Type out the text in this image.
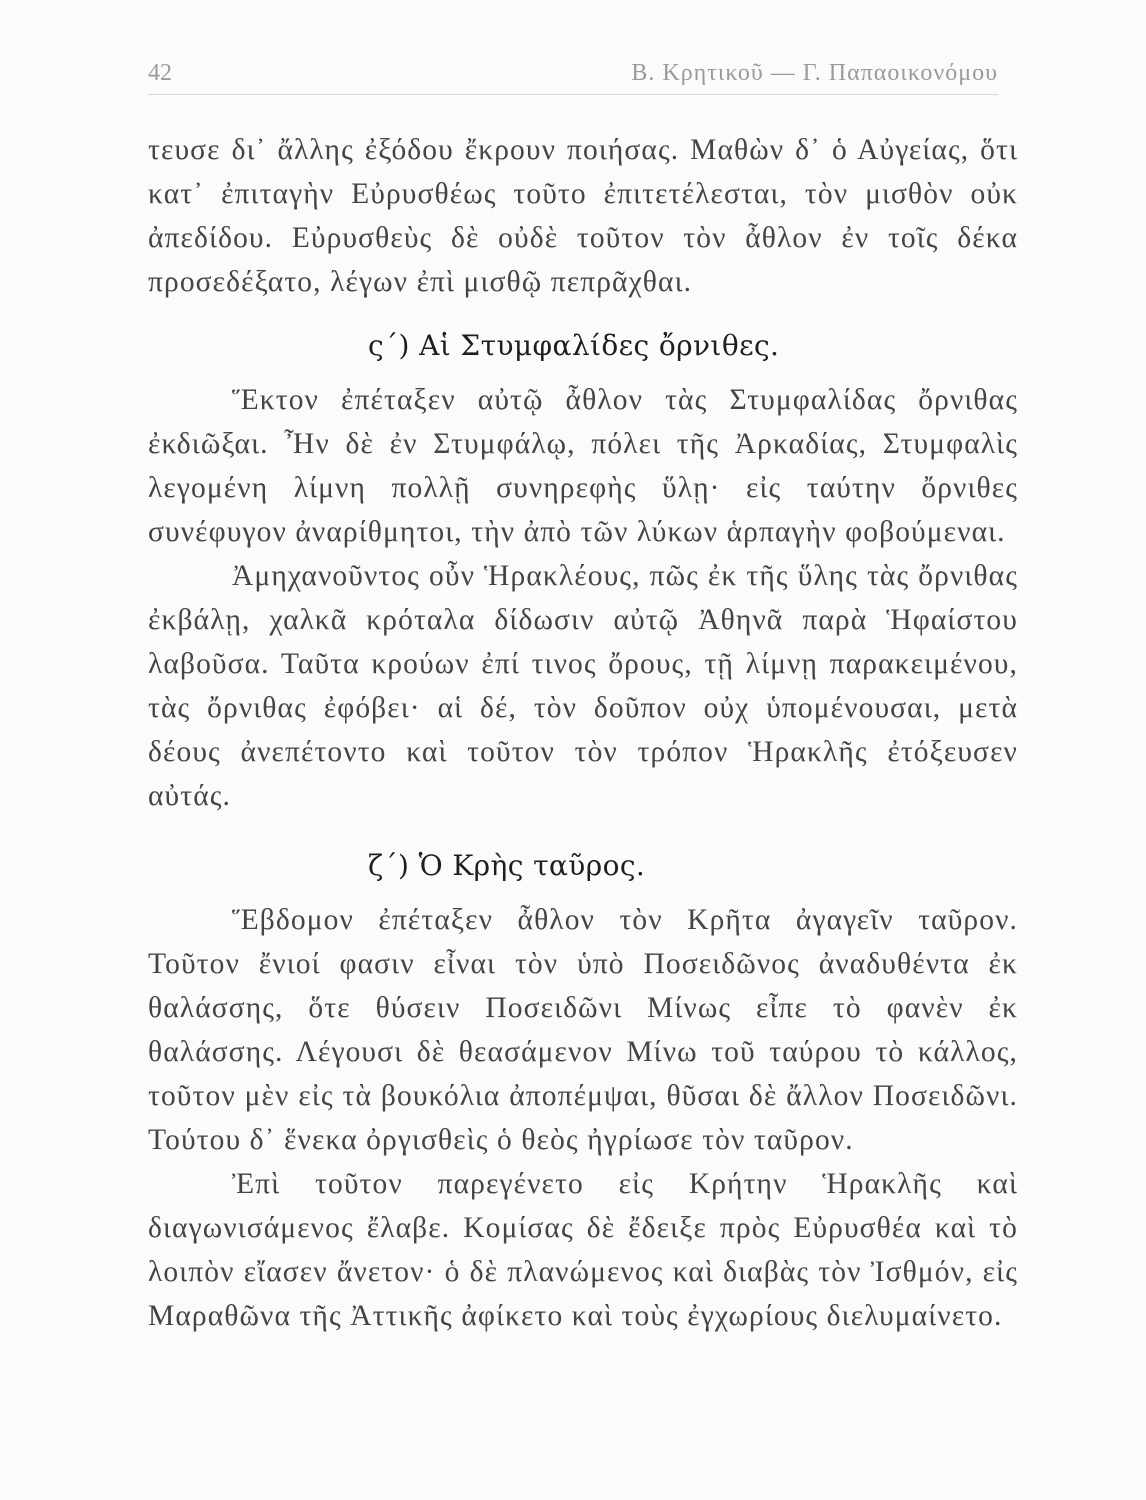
42	Β. Κρητικοῦ — Γ. Παπαοικονόμου

τευσε δι᾽ ἄλλης ἐξόδου ἔκρουν ποιήσας. Μαθὼν δ᾽ ὁ Αὐγείας, ὅτι κατ᾽ ἐπιταγὴν Εὐρυσθέως τοῦτο ἐπιτετέλεσται, τὸν μισθὸν οὐκ ἀπεδίδου. Εὐρυσθεὺς δὲ οὐδὲ τοῦτον τὸν ἆθλον ἐν τοῖς δέκα προσεδέξατο, λέγων ἐπὶ μισθῷ πεπρᾶχθαι.

ς΄) Αἱ Στυμφαλίδες ὄρνιθες.

Ἕκτον ἐπέταξεν αὐτῷ ἆθλον τὰς Στυμφαλίδας ὄρνιθας ἐκδιῶξαι. Ἦν δὲ ἐν Στυμφάλῳ, πόλει τῆς Ἀρκαδίας, Στυμφαλὶς λεγομένη λίμνη πολλῇ συνηρεφὴς ὕλῃ· εἰς ταύτην ὄρνιθες συνέφυγον ἀναρίθμητοι, τὴν ἀπὸ τῶν λύκων ἁρπαγὴν φοβούμεναι.

Ἀμηχανοῦντος οὖν Ἡρακλέους, πῶς ἐκ τῆς ὕλης τὰς ὄρνιθας ἐκβάλῃ, χαλκᾶ κρόταλα δίδωσιν αὐτῷ Ἀθηνᾶ παρὰ Ἡφαίστου λαβοῦσα. Ταῦτα κρούων ἐπί τινος ὄρους, τῇ λίμνῃ παρακειμένου, τὰς ὄρνιθας ἐφόβει· αἱ δέ, τὸν δοῦπον οὐχ ὑπομένουσαι, μετὰ δέους ἀνεπέτοντο καὶ τοῦτον τὸν τρόπον Ἡρακλῆς ἐτόξευσεν αὐτάς.

ζ΄) Ὁ Κρὴς ταῦρος.

Ἕβδομον ἐπέταξεν ἆθλον τὸν Κρῆτα ἀγαγεῖν ταῦρον. Τοῦτον ἔνιοί φασιν εἶναι τὸν ὑπὸ Ποσειδῶνος ἀναδυθέντα ἐκ θαλάσσης, ὅτε θύσειν Ποσειδῶνι Μίνως εἶπε τὸ φανὲν ἐκ θαλάσσης. Λέγουσι δὲ θεασάμενον Μίνω τοῦ ταύρου τὸ κάλλος, τοῦτον μὲν εἰς τὰ βουκόλια ἀποπέμψαι, θῦσαι δὲ ἄλλον Ποσειδῶνι. Τούτου δ᾽ ἕνεκα ὀργισθεὶς ὁ θεὸς ἠγρίωσε τὸν ταῦρον.

Ἐπὶ τοῦτον παρεγένετο εἰς Κρήτην Ἡρακλῆς καὶ διαγωνισάμενος ἔλαβε. Κομίσας δὲ ἔδειξε πρὸς Εὐρυσθέα καὶ τὸ λοιπὸν εἴασεν ἄνετον· ὁ δὲ πλανώμενος καὶ διαβὰς τὸν Ἰσθμόν, εἰς Μαραθῶνα τῆς Ἀττικῆς ἀφίκετο καὶ τοὺς ἐγχωρίους διελυμαίνετο.
